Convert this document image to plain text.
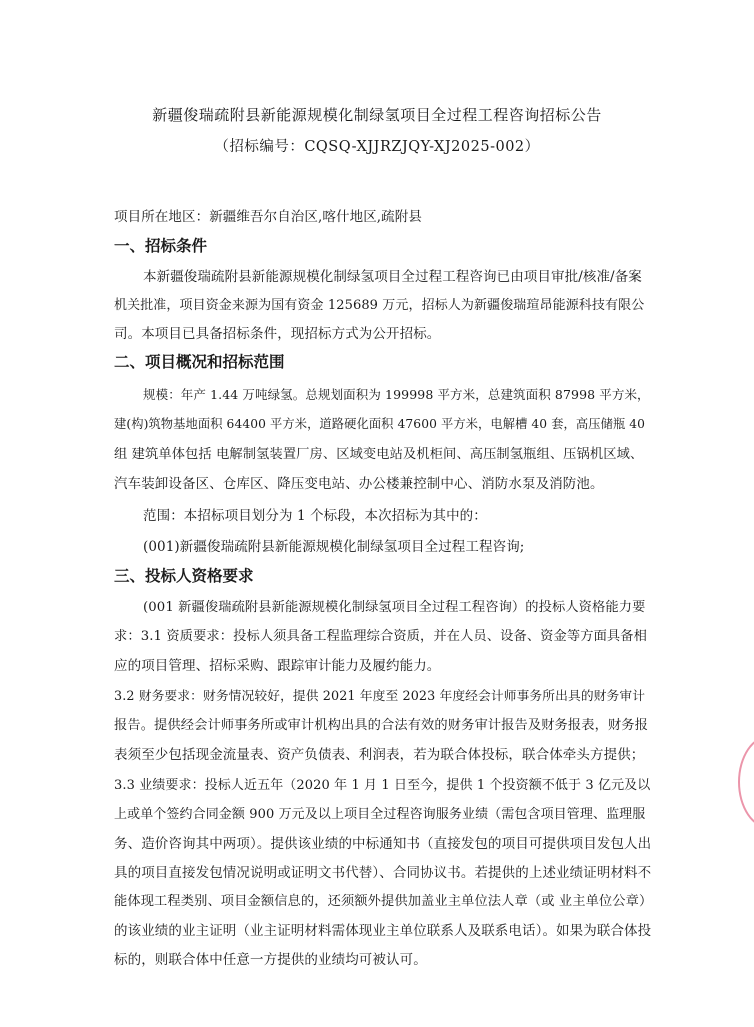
新疆俊瑞疏附县新能源规模化制绿氢项目全过程工程咨询招标公告
（招标编号：CQSQ-XJJRZJQY-XJ2025-002）
项目所在地区：新疆维吾尔自治区,喀什地区,疏附县
一、招标条件
本新疆俊瑞疏附县新能源规模化制绿氢项目全过程工程咨询已由项目审批/核准/备案
机关批准，项目资金来源为国有资金 125689 万元，招标人为新疆俊瑞瑄昂能源科技有限公
司。本项目已具备招标条件，现招标方式为公开招标。
二、项目概况和招标范围
规模：年产 1.44 万吨绿氢。总规划面积为 199998 平方米，总建筑面积 87998 平方米，
建(构)筑物基地面积 64400 平方米，道路硬化面积 47600 平方米，电解槽 40 套，高压储瓶 40
组 建筑单体包括 电解制氢装置厂房、区域变电站及机柜间、高压制氢瓶组、压锅机区域、
汽车装卸设备区、仓库区、降压变电站、办公楼兼控制中心、消防水泵及消防池。
范围：本招标项目划分为 1 个标段，本次招标为其中的：
(001)新疆俊瑞疏附县新能源规模化制绿氢项目全过程工程咨询;
三、投标人资格要求
(001 新疆俊瑞疏附县新能源规模化制绿氢项目全过程工程咨询）的投标人资格能力要
求：3.1 资质要求：投标人须具备工程监理综合资质，并在人员、设备、资金等方面具备相
应的项目管理、招标采购、跟踪审计能力及履约能力。
3.2 财务要求：财务情况较好，提供 2021 年度至 2023 年度经会计师事务所出具的财务审计
报告。提供经会计师事务所或审计机构出具的合法有效的财务审计报告及财务报表，财务报
表须至少包括现金流量表、资产负债表、利润表，若为联合体投标，联合体牵头方提供；
3.3 业绩要求：投标人近五年（2020 年 1 月 1 日至今，提供 1 个投资额不低于 3 亿元及以
上或单个签约合同金额 900 万元及以上项目全过程咨询服务业绩（需包含项目管理、监理服
务、造价咨询其中两项）。提供该业绩的中标通知书（直接发包的项目可提供项目发包人出
具的项目直接发包情况说明或证明文书代替）、合同协议书。若提供的上述业绩证明材料不
能体现工程类别、项目金额信息的，还须额外提供加盖业主单位法人章（或 业主单位公章）
的该业绩的业主证明（业主证明材料需体现业主单位联系人及联系电话）。如果为联合体投
标的，则联合体中任意一方提供的业绩均可被认可。
